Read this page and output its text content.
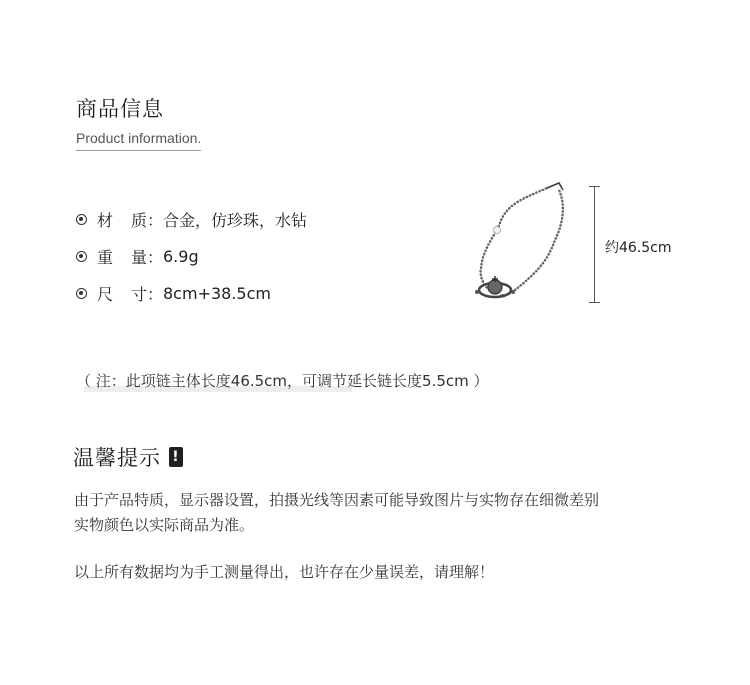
商品信息
Product information.
材	质： 合金，仿珍珠，水钻
重	量： 6.9g
尺	寸： 8cm+38.5cm
约46.5cm
（ 注：此项链主体长度46.5cm，可调节延长链长度5.5cm ）
温馨提示 !
由于产品特质，显示器设置，拍摄光线等因素可能导致图片与实物存在细微差别
实物颜色以实际商品为准。
以上所有数据均为手工测量得出，也许存在少量误差，请理解！
